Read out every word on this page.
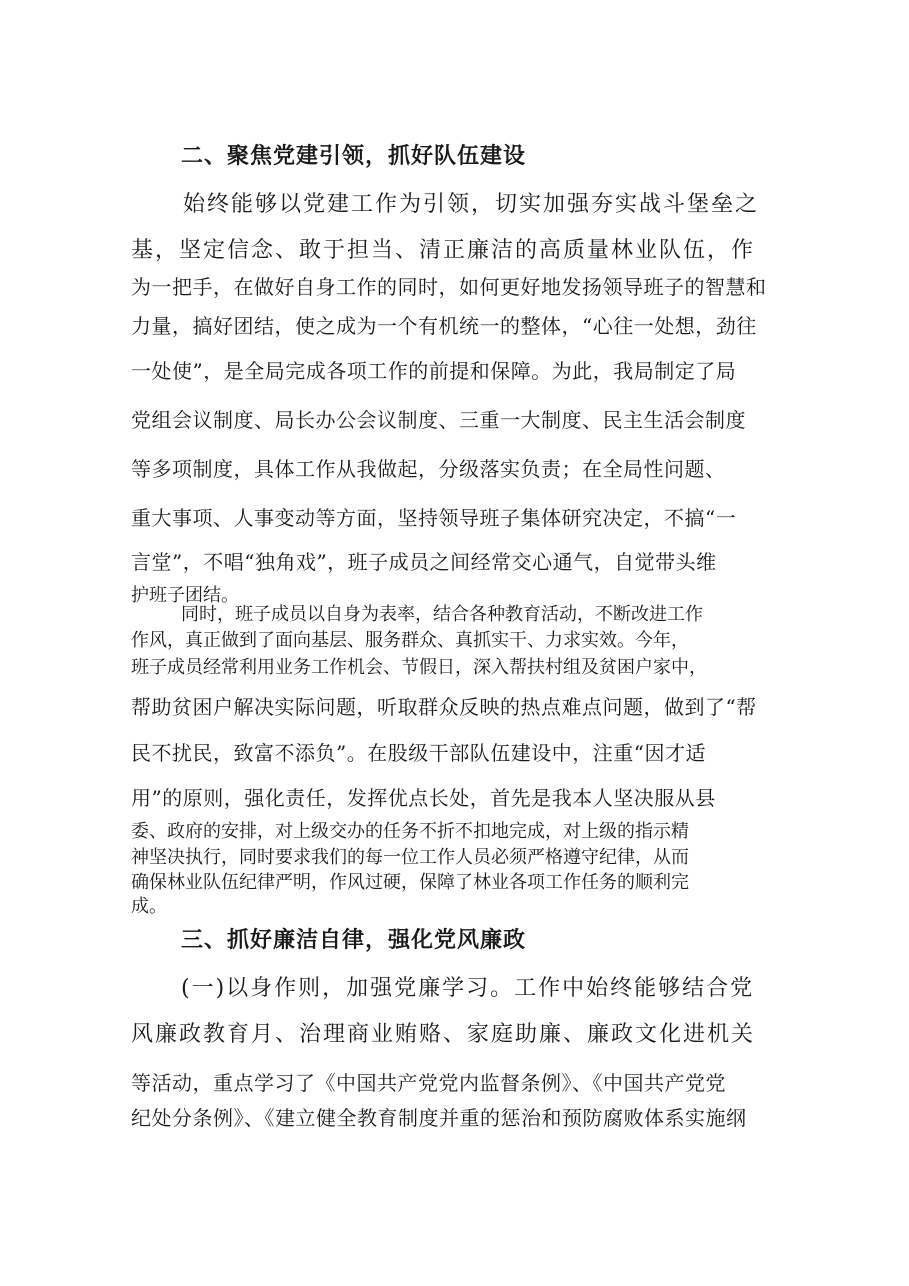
二、聚焦党建引领，抓好队伍建设

始终能够以党建工作为引领，切实加强夯实战斗堡垒之

基，坚定信念、敢于担当、清正廉洁的高质量林业队伍，作

为一把手，在做好自身工作的同时，如何更好地发扬领导班子的智慧和

力量，搞好团结，使之成为一个有机统一的整体，“心往一处想，劲往

一处使”，是全局完成各项工作的前提和保障。为此，我局制定了局

党组会议制度、局长办公会议制度、三重一大制度、民主生活会制度

等多项制度，具体工作从我做起，分级落实负责；在全局性问题、

重大事项、人事变动等方面，坚持领导班子集体研究决定，不搞“一

言堂”，不唱“独角戏”，班子成员之间经常交心通气，自觉带头维

护班子团结。

同时，班子成员以自身为表率，结合各种教育活动，不断改进工作

作风，真正做到了面向基层、服务群众、真抓实干、力求实效。今年，

班子成员经常利用业务工作机会、节假日，深入帮扶村组及贫困户家中，

帮助贫困户解决实际问题，听取群众反映的热点难点问题，做到了“帮

民不扰民，致富不添负”。在股级干部队伍建设中，注重“因才适

用”的原则，强化责任，发挥优点长处，首先是我本人坚决服从县

委、政府的安排，对上级交办的任务不折不扣地完成，对上级的指示精

神坚决执行，同时要求我们的每一位工作人员必须严格遵守纪律，从而

确保林业队伍纪律严明，作风过硬，保障了林业各项工作任务的顺利完

成。

三、抓好廉洁自律，强化党风廉政

(一)以身作则，加强党廉学习。工作中始终能够结合党

风廉政教育月、治理商业贿赂、家庭助廉、廉政文化进机关

等活动，重点学习了《中国共产党党内监督条例》、《中国共产党党

纪处分条例》、《建立健全教育制度并重的惩治和预防腐败体系实施纲
